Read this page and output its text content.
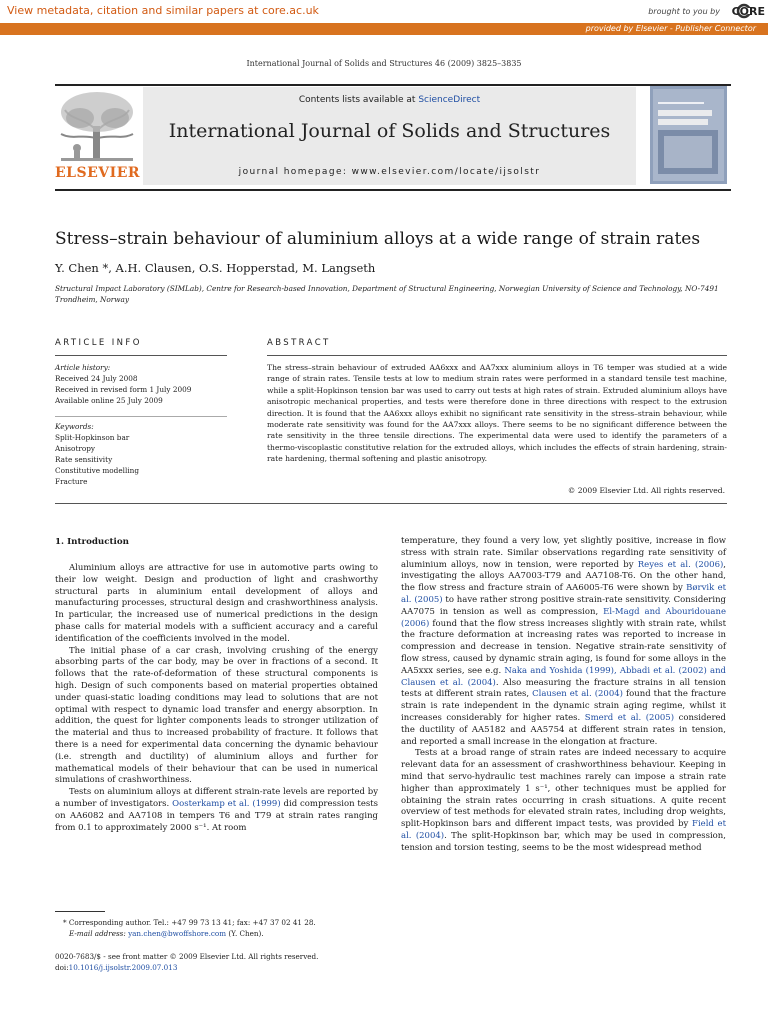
View metadata, citation and similar papers at core.ac.uk	brought to you by CORE
provided by Elsevier - Publisher Connector
International Journal of Solids and Structures 46 (2009) 3825–3835
ELSEVIER
Contents lists available at ScienceDirect
International Journal of Solids and Structures
journal homepage: www.elsevier.com/locate/ijsolstr
Stress–strain behaviour of aluminium alloys at a wide range of strain rates
Y. Chen *, A.H. Clausen, O.S. Hopperstad, M. Langseth
Structural Impact Laboratory (SIMLab), Centre for Research-based Innovation, Department of Structural Engineering, Norwegian University of Science and Technology, NO-7491 Trondheim, Norway
ARTICLE INFO
Article history:
Received 24 July 2008
Received in revised form 1 July 2009
Available online 25 July 2009
Keywords:
Split-Hopkinson bar
Anisotropy
Rate sensitivity
Constitutive modelling
Fracture
ABSTRACT
The stress–strain behaviour of extruded AA6xxx and AA7xxx aluminium alloys in T6 temper was studied at a wide range of strain rates. Tensile tests at low to medium strain rates were performed in a standard tensile test machine, while a split-Hopkinson tension bar was used to carry out tests at high rates of strain. Extruded aluminium alloys have anisotropic mechanical properties, and tests were therefore done in three directions with respect to the extrusion direction. It is found that the AA6xxx alloys exhibit no significant rate sensitivity in the stress–strain behaviour, while moderate rate sensitivity was found for the AA7xxx alloys. There seems to be no significant difference between the rate sensitivity in the three tensile directions. The experimental data were used to identify the parameters of a thermo-viscoplastic constitutive relation for the extruded alloys, which includes the effects of strain hardening, strain-rate hardening, thermal softening and plastic anisotropy.
© 2009 Elsevier Ltd. All rights reserved.
1. Introduction

Aluminium alloys are attractive for use in automotive parts owing to their low weight. Design and production of light and crashworthy structural parts in aluminium entail development of alloys and manufacturing processes, structural design and crashworthiness analysis. In particular, the increased use of numerical predictions in the design phase calls for material models with a sufficient accuracy and a careful identification of the coefficients involved in the model.

The initial phase of a car crash, involving crushing of the energy absorbing parts of the car body, may be over in fractions of a second. It follows that the rate-of-deformation of these structural components is high. Design of such components based on material properties obtained under quasi-static loading conditions may lead to solutions that are not optimal with respect to dynamic load transfer and energy absorption. In addition, the quest for lighter components leads to stronger utilization of the material and thus to increased probability of fracture. It follows that there is a need for experimental data concerning the dynamic behaviour (i.e. strength and ductility) of aluminium alloys and further for mathematical models of their behaviour that can be used in numerical simulations of crashworthiness.

Tests on aluminium alloys at different strain-rate levels are reported by a number of investigators. Oosterkamp et al. (1999) did compression tests on AA6082 and AA7108 in tempers T6 and T79 at strain rates ranging from 0.1 to approximately 2000 s⁻¹. At room

temperature, they found a very low, yet slightly positive, increase in flow stress with strain rate. Similar observations regarding rate sensitivity of aluminium alloys, now in tension, were reported by Reyes et al. (2006), investigating the alloys AA7003-T79 and AA7108-T6. On the other hand, the flow stress and fracture strain of AA6005-T6 were shown by Børvik et al. (2005) to have rather strong positive strain-rate sensitivity. Considering AA7075 in tension as well as compression, El-Magd and Abouridouane (2006) found that the flow stress increases slightly with strain rate, whilst the fracture deformation at increasing rates was reported to increase in compression and decrease in tension. Negative strain-rate sensitivity of flow stress, caused by dynamic strain aging, is found for some alloys in the AA5xxx series, see e.g. Naka and Yoshida (1999), Abbadi et al. (2002) and Clausen et al. (2004). Also measuring the fracture strains in all tension tests at different strain rates, Clausen et al. (2004) found that the fracture strain is rate independent in the dynamic strain aging regime, whilst it increases considerably for higher rates. Smerd et al. (2005) considered the ductility of AA5182 and AA5754 at different strain rates in tension, and reported a small increase in the elongation at fracture.

Tests at a broad range of strain rates are indeed necessary to acquire relevant data for an assessment of crashworthiness behaviour. Keeping in mind that servo-hydraulic test machines rarely can impose a strain rate higher than approximately 1 s⁻¹, other techniques must be applied for obtaining the strain rates occurring in crash situations. A quite recent overview of test methods for elevated strain rates, including drop weights, split-Hopkinson bars and different impact tests, was provided by Field et al. (2004). The split-Hopkinson bar, which may be used in compression, tension and torsion testing, seems to be the most widespread method

* Corresponding author. Tel.: +47 99 73 13 41; fax: +47 37 02 41 28.
E-mail address: yan.chen@bwoffshore.com (Y. Chen).
0020-7683/$ - see front matter © 2009 Elsevier Ltd. All rights reserved.
doi:10.1016/j.ijsolstr.2009.07.013
